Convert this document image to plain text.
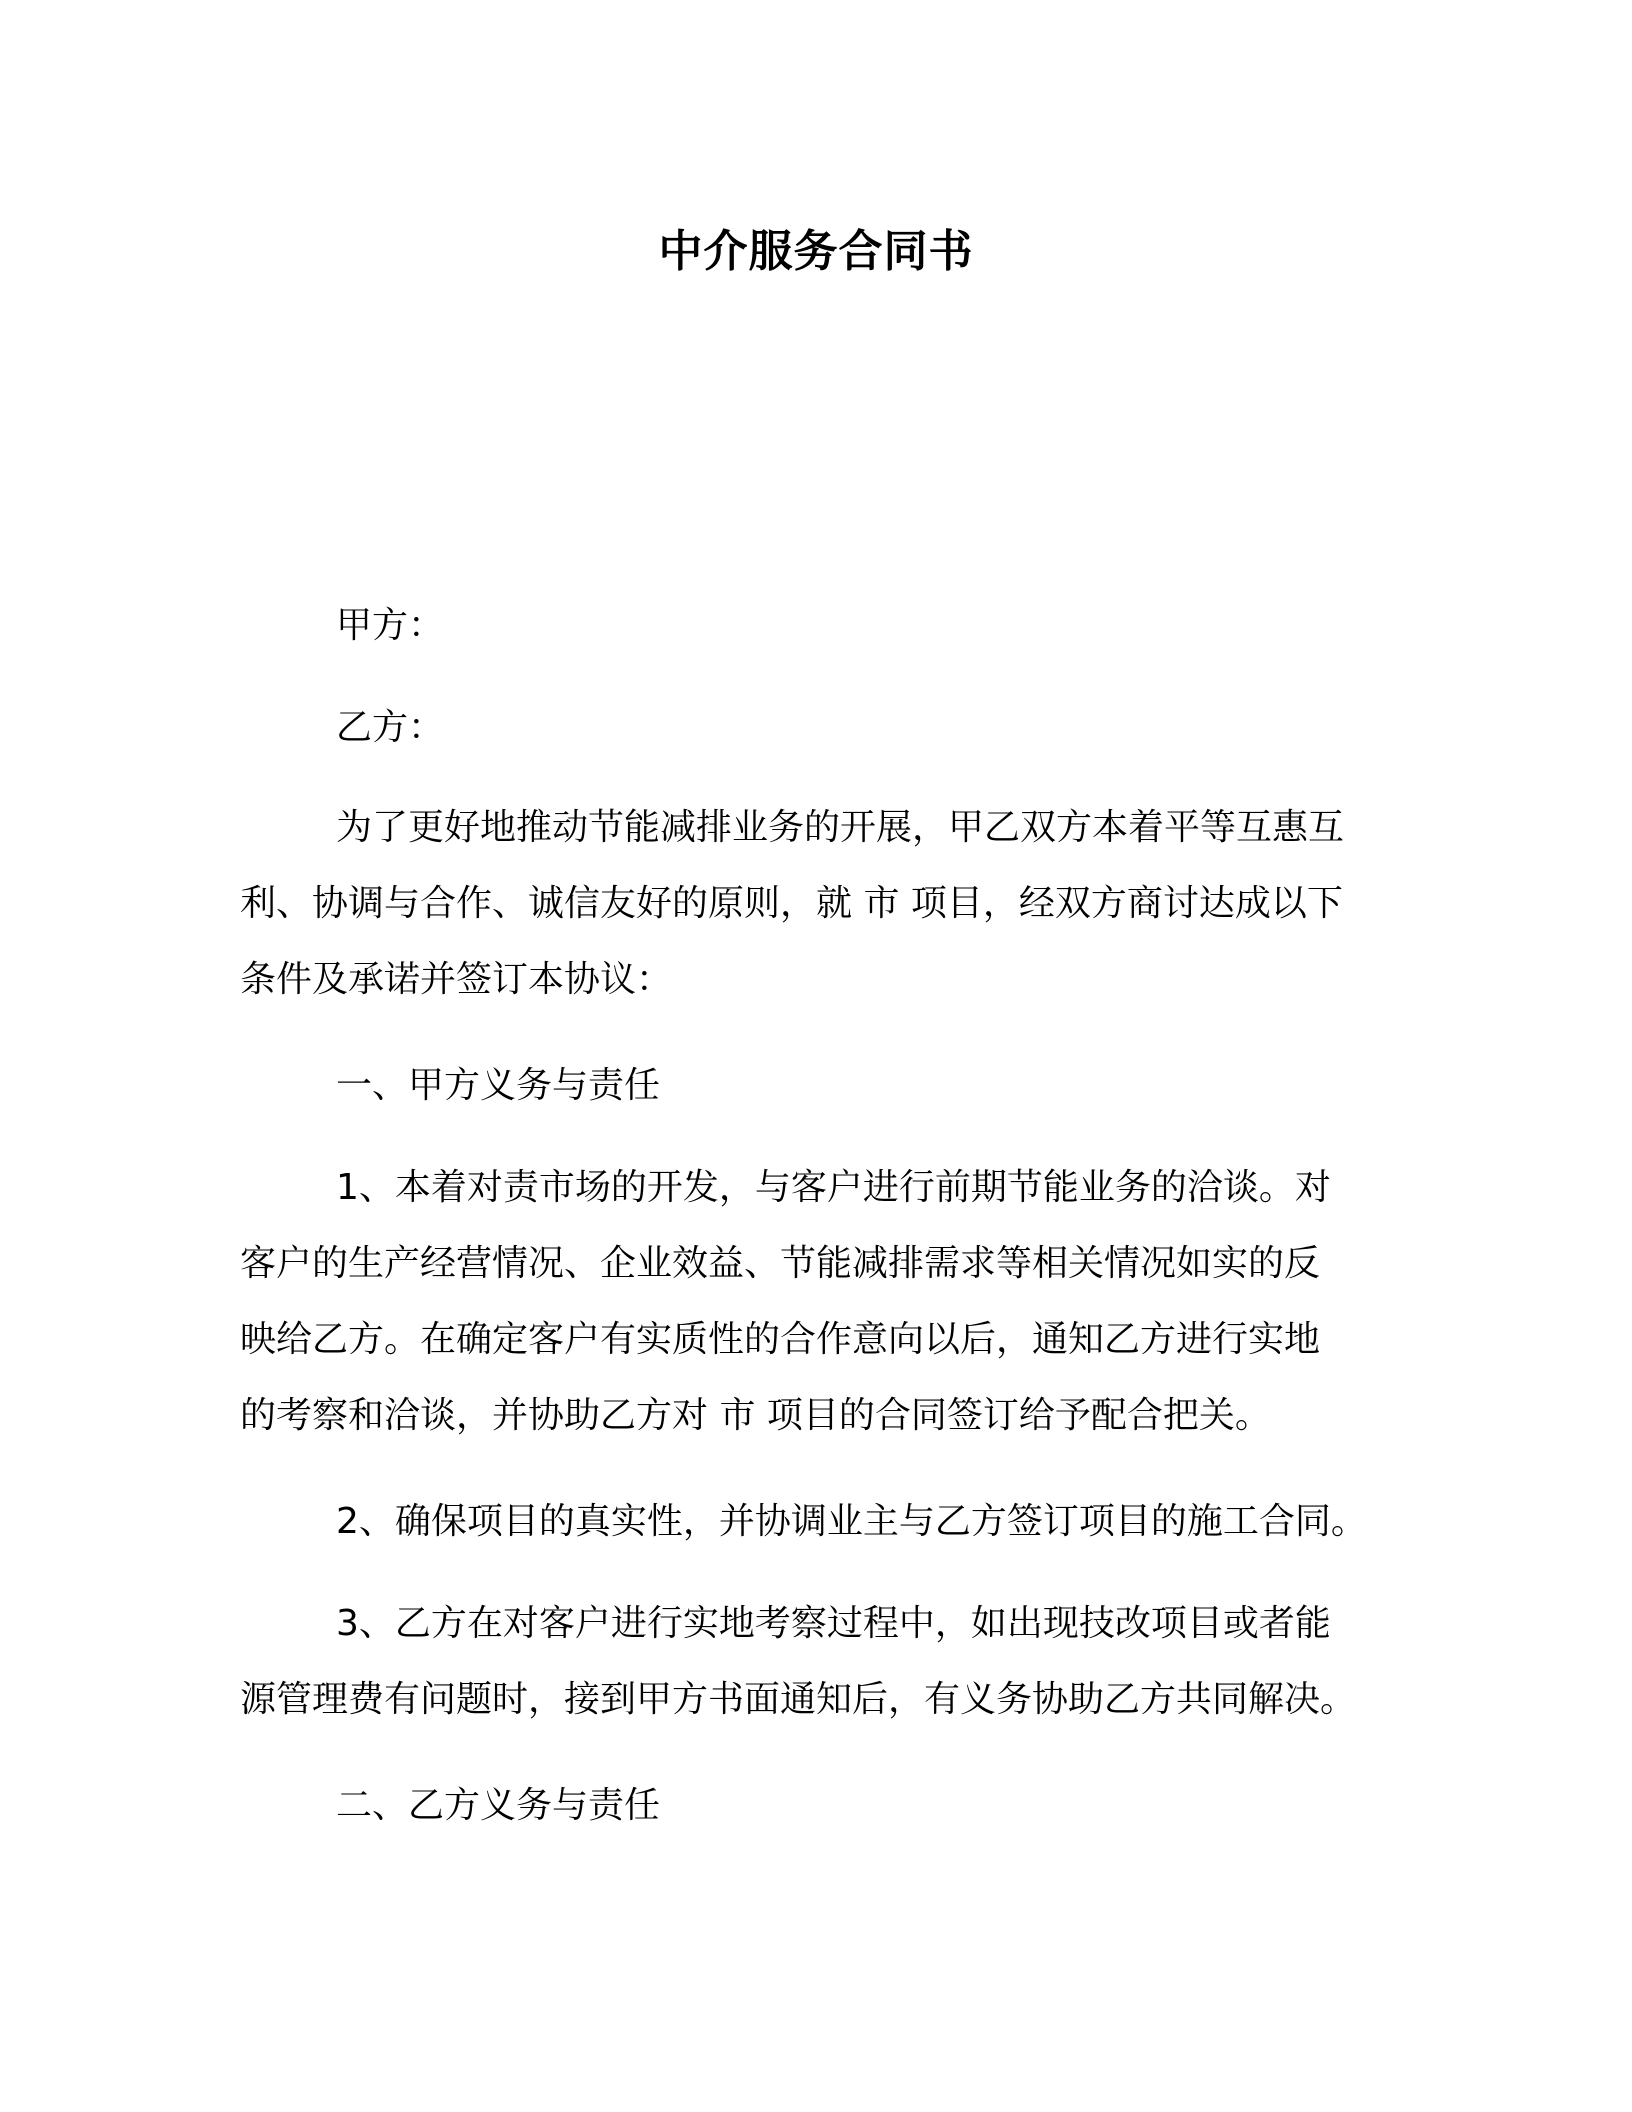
中介服务合同书
甲方：
乙方：
为了更好地推动节能减排业务的开展，甲乙双方本着平等互惠互
利、协调与合作、诚信友好的原则，就 市 项目，经双方商讨达成以下
条件及承诺并签订本协议：
一、甲方义务与责任
1、本着对责市场的开发，与客户进行前期节能业务的洽谈。对
客户的生产经营情况、企业效益、节能减排需求等相关情况如实的反
映给乙方。在确定客户有实质性的合作意向以后，通知乙方进行实地
的考察和洽谈，并协助乙方对 市 项目的合同签订给予配合把关。
2、确保项目的真实性，并协调业主与乙方签订项目的施工合同。
3、乙方在对客户进行实地考察过程中，如出现技改项目或者能
源管理费有问题时，接到甲方书面通知后，有义务协助乙方共同解决。
二、乙方义务与责任
